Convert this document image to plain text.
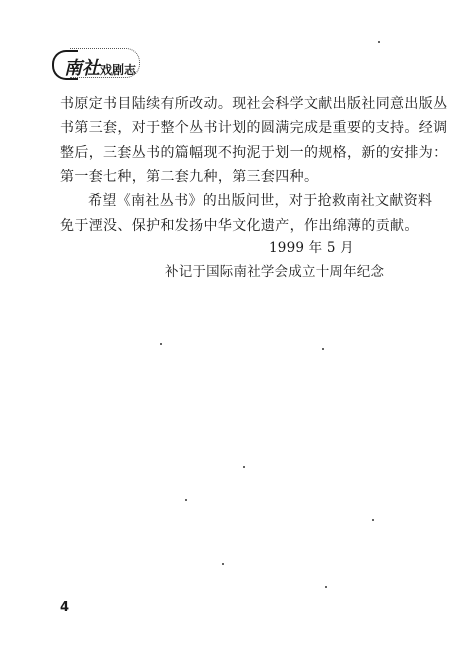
南社戏剧志
书原定书目陆续有所改动。现社会科学文献出版社同意出版丛
书第三套，对于整个丛书计划的圆满完成是重要的支持。经调
整后，三套丛书的篇幅现不拘泥于划一的规格，新的安排为：
第一套七种，第二套九种，第三套四种。
希望《南社丛书》的出版问世，对于抢救南社文献资料
免于湮没、保护和发扬中华文化遗产，作出绵薄的贡献。
1999 年 5 月
补记于国际南社学会成立十周年纪念
4
